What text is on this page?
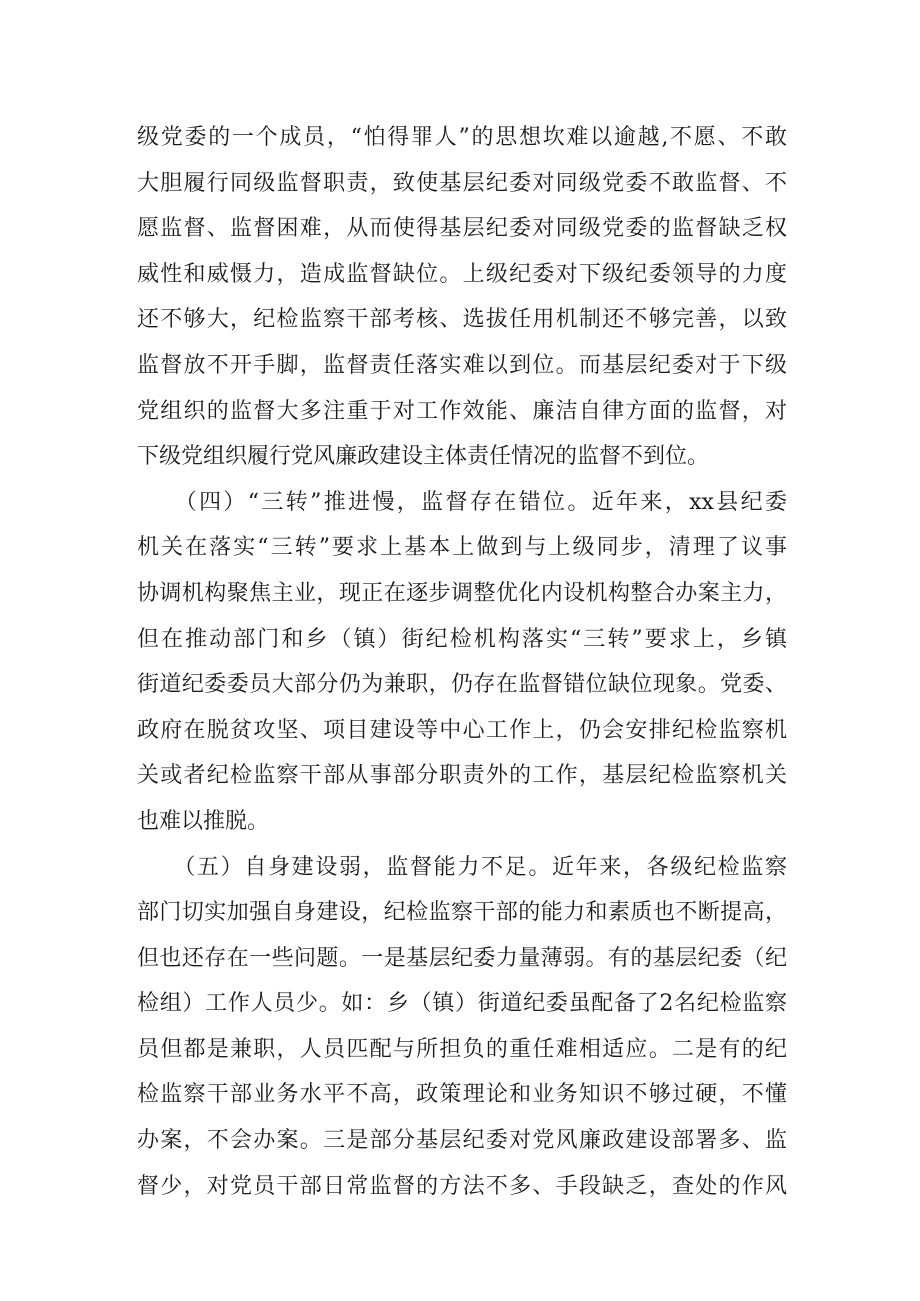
级党委的一个成员，“怕得罪人”的思想坎难以逾越,不愿、不敢
大胆履行同级监督职责，致使基层纪委对同级党委不敢监督、不
愿监督、监督困难，从而使得基层纪委对同级党委的监督缺乏权
威性和威慑力，造成监督缺位。上级纪委对下级纪委领导的力度
还不够大，纪检监察干部考核、选拔任用机制还不够完善，以致
监督放不开手脚，监督责任落实难以到位。而基层纪委对于下级
党组织的监督大多注重于对工作效能、廉洁自律方面的监督，对
下级党组织履行党风廉政建设主体责任情况的监督不到位。
　　（四）“三转”推进慢，监督存在错位。近年来，xx县纪委
机关在落实“三转”要求上基本上做到与上级同步，清理了议事
协调机构聚焦主业，现正在逐步调整优化内设机构整合办案主力，
但在推动部门和乡（镇）街纪检机构落实“三转”要求上，乡镇
街道纪委委员大部分仍为兼职，仍存在监督错位缺位现象。党委、
政府在脱贫攻坚、项目建设等中心工作上，仍会安排纪检监察机
关或者纪检监察干部从事部分职责外的工作，基层纪检监察机关
也难以推脱。
　　（五）自身建设弱，监督能力不足。近年来，各级纪检监察
部门切实加强自身建设，纪检监察干部的能力和素质也不断提高，
但也还存在一些问题。一是基层纪委力量薄弱。有的基层纪委（纪
检组）工作人员少。如：乡（镇）街道纪委虽配备了2名纪检监察
员但都是兼职，人员匹配与所担负的重任难相适应。二是有的纪
检监察干部业务水平不高，政策理论和业务知识不够过硬，不懂
办案，不会办案。三是部分基层纪委对党风廉政建设部署多、监
督少，对党员干部日常监督的方法不多、手段缺乏，查处的作风
